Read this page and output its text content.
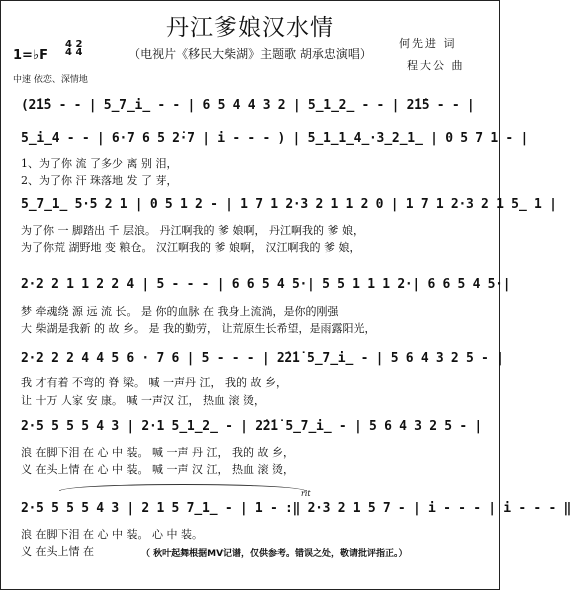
丹江爹娘汉水情
（电视片《移民大柴湖》主题歌 胡承忠演唱）
何先进 词
程大公 曲
1=♭F
4 2
4 4
中速 依恋、深情地
(2̇1̇5 - - | 5̲7̲i̲ - - | 6 5 4 4 3 2 | 5̲1̲2̲ - - | 2̇1̇5 - - |
5̲i̲4 - - | 6·7 6 5 2̇·7 | i - - - ) | 5̲1̲1̲4̲·3̲2̲1̲ | 0 5 7 1 - |
1、为了你 流 了多少 离 别 泪，
2、为了你 汗 珠落地 发 了 芽，
5̲7̲1̲ 5·5 2 1 | 0 5 1 2 - | 1 7 1 2·3 2 1 1 2 0 | 1 7 1 2·3 2 1 5̲ 1 |
为了你 一 脚踏出 千 层浪。 丹江啊我的 爹 娘啊， 丹江啊我的 爹 娘，
为了你荒 湖野地 变 粮仓。 汉江啊我的 爹 娘啊， 汉江啊我的 爹 娘，
2·2 2 1 1 2 2 4 | 5 - - - | 6 6 5 4 5·| 5 5 1 1 1 2·| 6 6 5 4 5·|
梦 牵魂绕 源 远 流 长。 是 你的血脉 在 我身上流淌，是你的刚强
大 柴湖是我新 的 故 乡。 是 我的勤劳， 让荒原生长希望，是雨露阳光，
2·2 2 2 4 4 5 6 · 7 6 | 5 - - - | 2̇2̇1̇ 5̲7̲i̲ - | 5 6 4 3 2 5 - |
我 才有着 不弯的 脊 梁。 喊 一声丹 江， 我的 故 乡，
让 十万 人家 安 康。 喊 一声汉 江， 热血 滚 烫，
2·5 5 5 5 4 3 | 2·1 5̲1̲2̲ - | 2̇2̇1̇ 5̲7̲i̲ - | 5 6 4 3 2 5 - |
浪 在脚下泪 在 心 中 装。 喊 一声 丹 江， 我的 故 乡，
义 在头上情 在 心 中 装。 喊 一声 汉 江， 热血 滚 烫，
rit
2·5 5 5 5 4 3 | 2 1 5 7̲1̲ - | 1 - :‖ 2·3 2 1 5 7 - | i - - - | i - - - ‖
浪 在脚下泪 在 心 中 装。 心 中 装。
义 在头上情 在	（ 秋叶起舞根据MV记谱，仅供参考。错误之处，敬请批评指正。）
